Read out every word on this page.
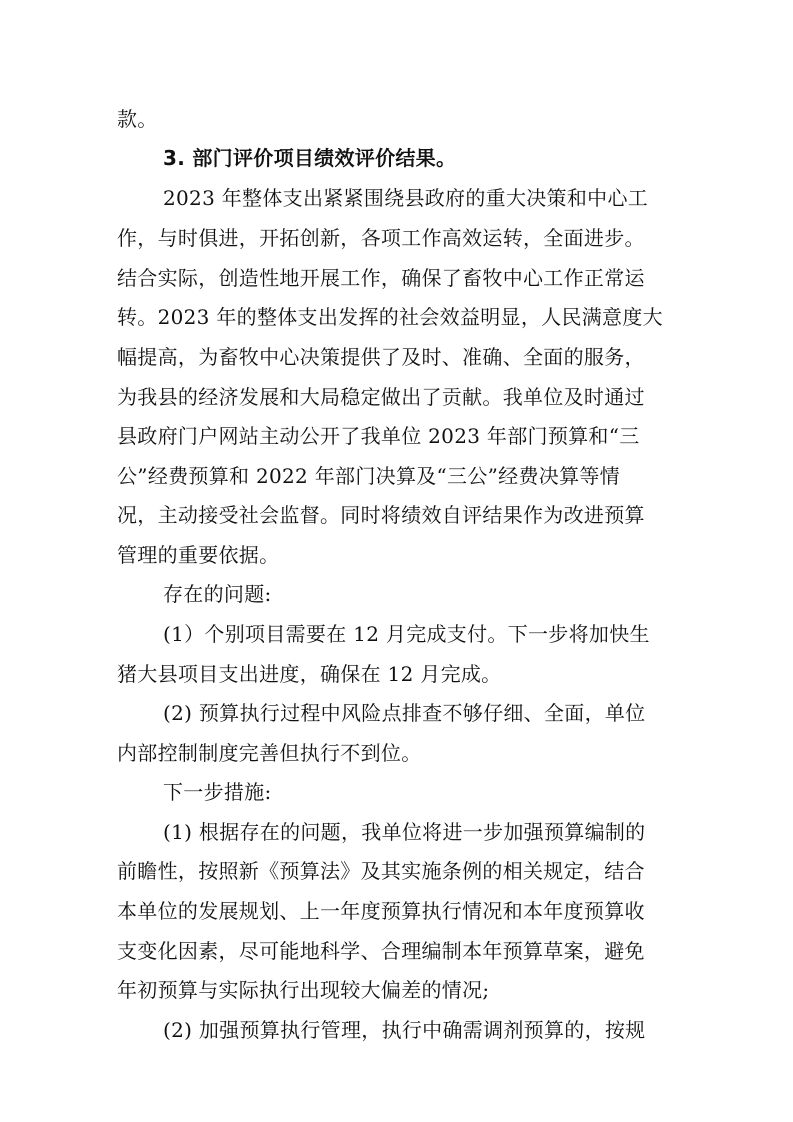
款。
3. 部门评价项目绩效评价结果。
2023 年整体支出紧紧围绕县政府的重大决策和中心工
作，与时俱进，开拓创新，各项工作高效运转，全面进步。
结合实际，创造性地开展工作，确保了畜牧中心工作正常运
转。2023 年的整体支出发挥的社会效益明显，人民满意度大
幅提高，为畜牧中心决策提供了及时、准确、全面的服务，
为我县的经济发展和大局稳定做出了贡献。我单位及时通过
县政府门户网站主动公开了我单位 2023 年部门预算和“三
公”经费预算和 2022 年部门决算及“三公”经费决算等情
况，主动接受社会监督。同时将绩效自评结果作为改进预算
管理的重要依据。
存在的问题:
(1）个别项目需要在 12 月完成支付。下一步将加快生
猪大县项目支出进度，确保在 12 月完成。
(2) 预算执行过程中风险点排查不够仔细、全面，单位
内部控制制度完善但执行不到位。
下一步措施:
(1) 根据存在的问题，我单位将进一步加强预算编制的
前瞻性，按照新《预算法》及其实施条例的相关规定，结合
本单位的发展规划、上一年度预算执行情况和本年度预算收
支变化因素，尽可能地科学、合理编制本年预算草案，避免
年初预算与实际执行出现较大偏差的情况;
(2) 加强预算执行管理，执行中确需调剂预算的，按规
